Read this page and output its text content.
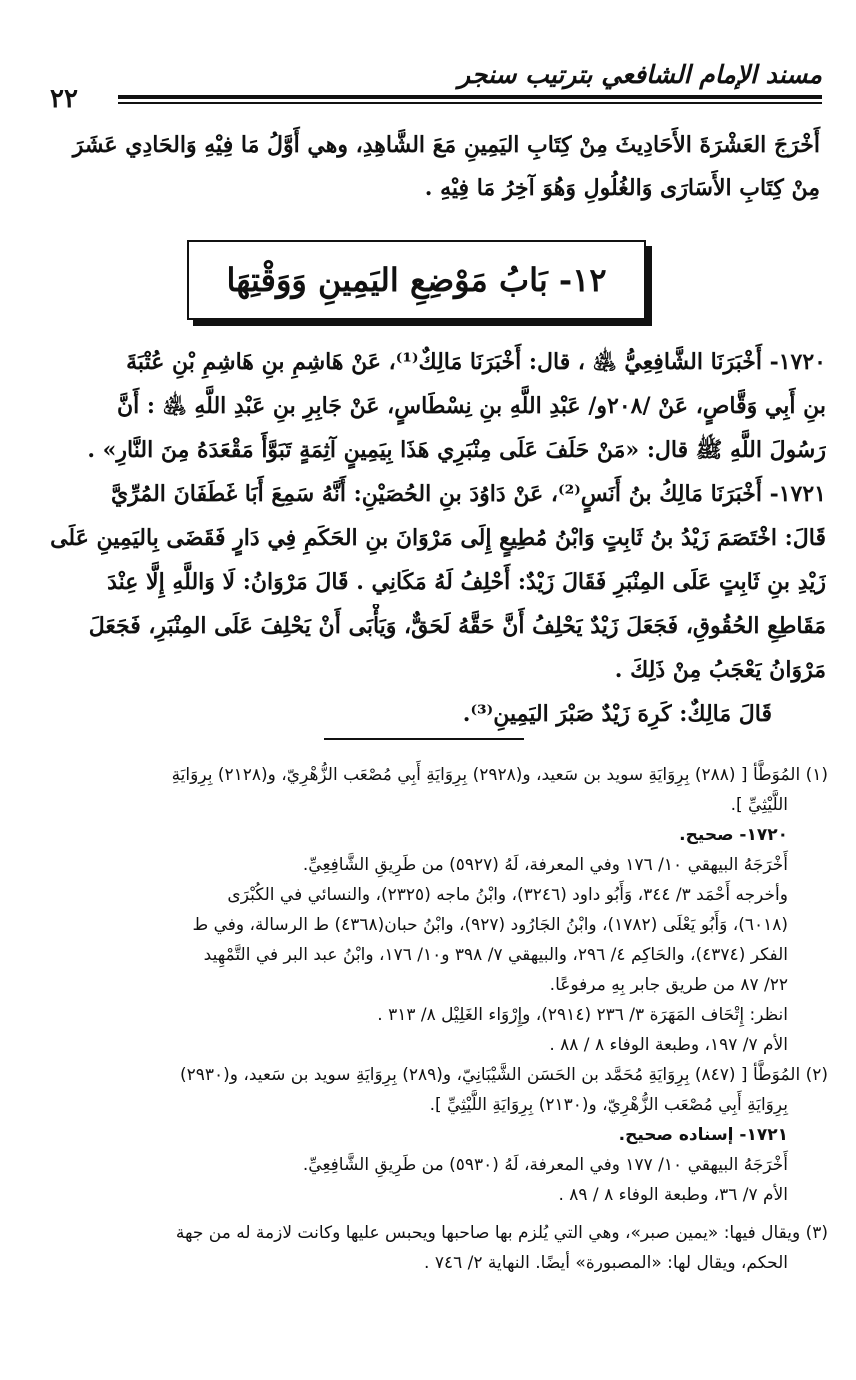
مسند الإمام الشافعي بترتيب سنجر
٢٢

أَخْرَجَ العَشْرَةَ الأَحَادِيثَ مِنْ كِتَابِ اليَمِينِ مَعَ الشَّاهِدِ، وهي أَوَّلُ مَا فِيْهِ وَالحَادِي عَشَرَ

مِنْ كِتَابِ الأَسَارَى وَالغُلُولِ وَهُوَ آخِرُ مَا فِيْهِ .

١٢- بَابُ مَوْضِعِ اليَمِينِ وَوَقْتِهَا
١٧٢٠- أَخْبَرَنَا الشَّافِعِيُّ ﵁ ، قال: أَخْبَرَنَا مَالِكٌ⁽¹⁾، عَنْ هَاشِمِ بنِ هَاشِمِ بْنِ عُتْبَةَ
بنِ أَبِي وَقَّاصٍ، عَنْ /٢٠٨و/ عَبْدِ اللَّهِ بنِ نِسْطَاسٍ، عَنْ جَابِرِ بنِ عَبْدِ اللَّهِ ﵁ : أَنَّ
رَسُولَ اللَّهِ ﷺ قال: «مَنْ حَلَفَ عَلَى مِنْبَرِي هَذَا بِيَمِينٍ آثِمَةٍ تَبَوَّأَ مَقْعَدَهُ مِنَ النَّارِ» .
١٧٢١- أَخْبَرَنَا مَالِكُ بنُ أَنَسٍ⁽²⁾، عَنْ دَاوُدَ بنِ الحُصَيْنِ: أَنَّهُ سَمِعَ أَبَا غَطَفَانَ المُرِّيَّ
قَالَ: اخْتَصَمَ زَيْدُ بنُ ثَابِتٍ وَابْنُ مُطِيعٍ إِلَى مَرْوَانَ بنِ الحَكَمِ فِي دَارٍ فَقَضَى بِاليَمِينِ عَلَى
زَيْدِ بنِ ثَابِتٍ عَلَى المِنْبَرِ فَقَالَ زَيْدٌ: أَحْلِفُ لَهُ مَكَانِي . قَالَ مَرْوَانُ: لَا وَاللَّهِ إِلَّا عِنْدَ
مَقَاطِعِ الحُقُوقِ، فَجَعَلَ زَيْدٌ يَحْلِفُ أَنَّ حَقَّهُ لَحَقٌّ، وَيَأْبَى أَنْ يَحْلِفَ عَلَى المِنْبَرِ، فَجَعَلَ
مَرْوَانُ يَعْجَبُ مِنْ ذَلِكَ .
قَالَ مَالِكٌ: كَرِهَ زَيْدٌ صَبْرَ اليَمِينِ⁽³⁾.
(١) المُوَطَّأ [ (٢٨٨) بِرِوَايَةِ سويد بن سَعيد، و(٢٩٢٨) بِرِوَايَةِ أَبِي مُصْعَب الزُّهْرِيّ، و(٢١٢٨) بِرِوَايَةِ
اللَّيْثِيِّ ].
١٧٢٠- صحيح.
أَخْرَجَهُ البيهقي ١٠/ ١٧٦ وفي المعرفة، لَهُ (٥٩٢٧) من طَرِيقِ الشَّافِعِيِّ.
وأخرجه أَحْمَد ٣/ ٣٤٤، وَأَبُو داود (٣٢٤٦)، وابْنُ ماجه (٢٣٢٥)، والنسائي في الكُبْرَى
(٦٠١٨)، وَأَبُو يَعْلَى (١٧٨٢)، وابْنُ الجَارُود (٩٢٧)، وابْنُ حبان(٤٣٦٨) ط الرسالة، وفي ط
الفكر (٤٣٧٤)، والحَاكِم ٤/ ٢٩٦، والبيهقي ٧/ ٣٩٨ و١٠/ ١٧٦، وابْنُ عبد البر في التَّمْهِيد
٢٢/ ٨٧ من طريق جابر بِهِ مرفوعًا.
انظر: إِتْحَاف المَهَرَة ٣/ ٢٣٦ (٢٩١٤)، وإِرْوَاء الغَلِيْل ٨/ ٣١٣ .
الأم ٧/ ١٩٧، وطبعة الوفاء ٨ / ٨٨ .
(٢) المُوَطَّأ [ (٨٤٧) بِرِوَايَةِ مُحَمَّد بن الحَسَن الشَّيْبَانِيّ، و(٢٨٩) بِرِوَايَةِ سويد بن سَعيد، و(٢٩٣٠)
بِرِوَايَةِ أَبِي مُصْعَب الزُّهْرِيّ، و(٢١٣٠) بِرِوَايَةِ اللَّيْثِيِّ ].
١٧٢١- إسناده صحيح.
أَخْرَجَهُ البيهقي ١٠/ ١٧٧ وفي المعرفة، لَهُ (٥٩٣٠) من طَرِيقِ الشَّافِعِيِّ.
الأم ٧/ ٣٦، وطبعة الوفاء ٨ / ٨٩ .
(٣) ويقال فيها: «يمين صبر»، وهي التي يُلزم بها صاحبها ويحبس عليها وكانت لازمة له من جهة
الحكم، ويقال لها: «المصبورة» أيضًا. النهاية ٢/ ٧٤٦ .
